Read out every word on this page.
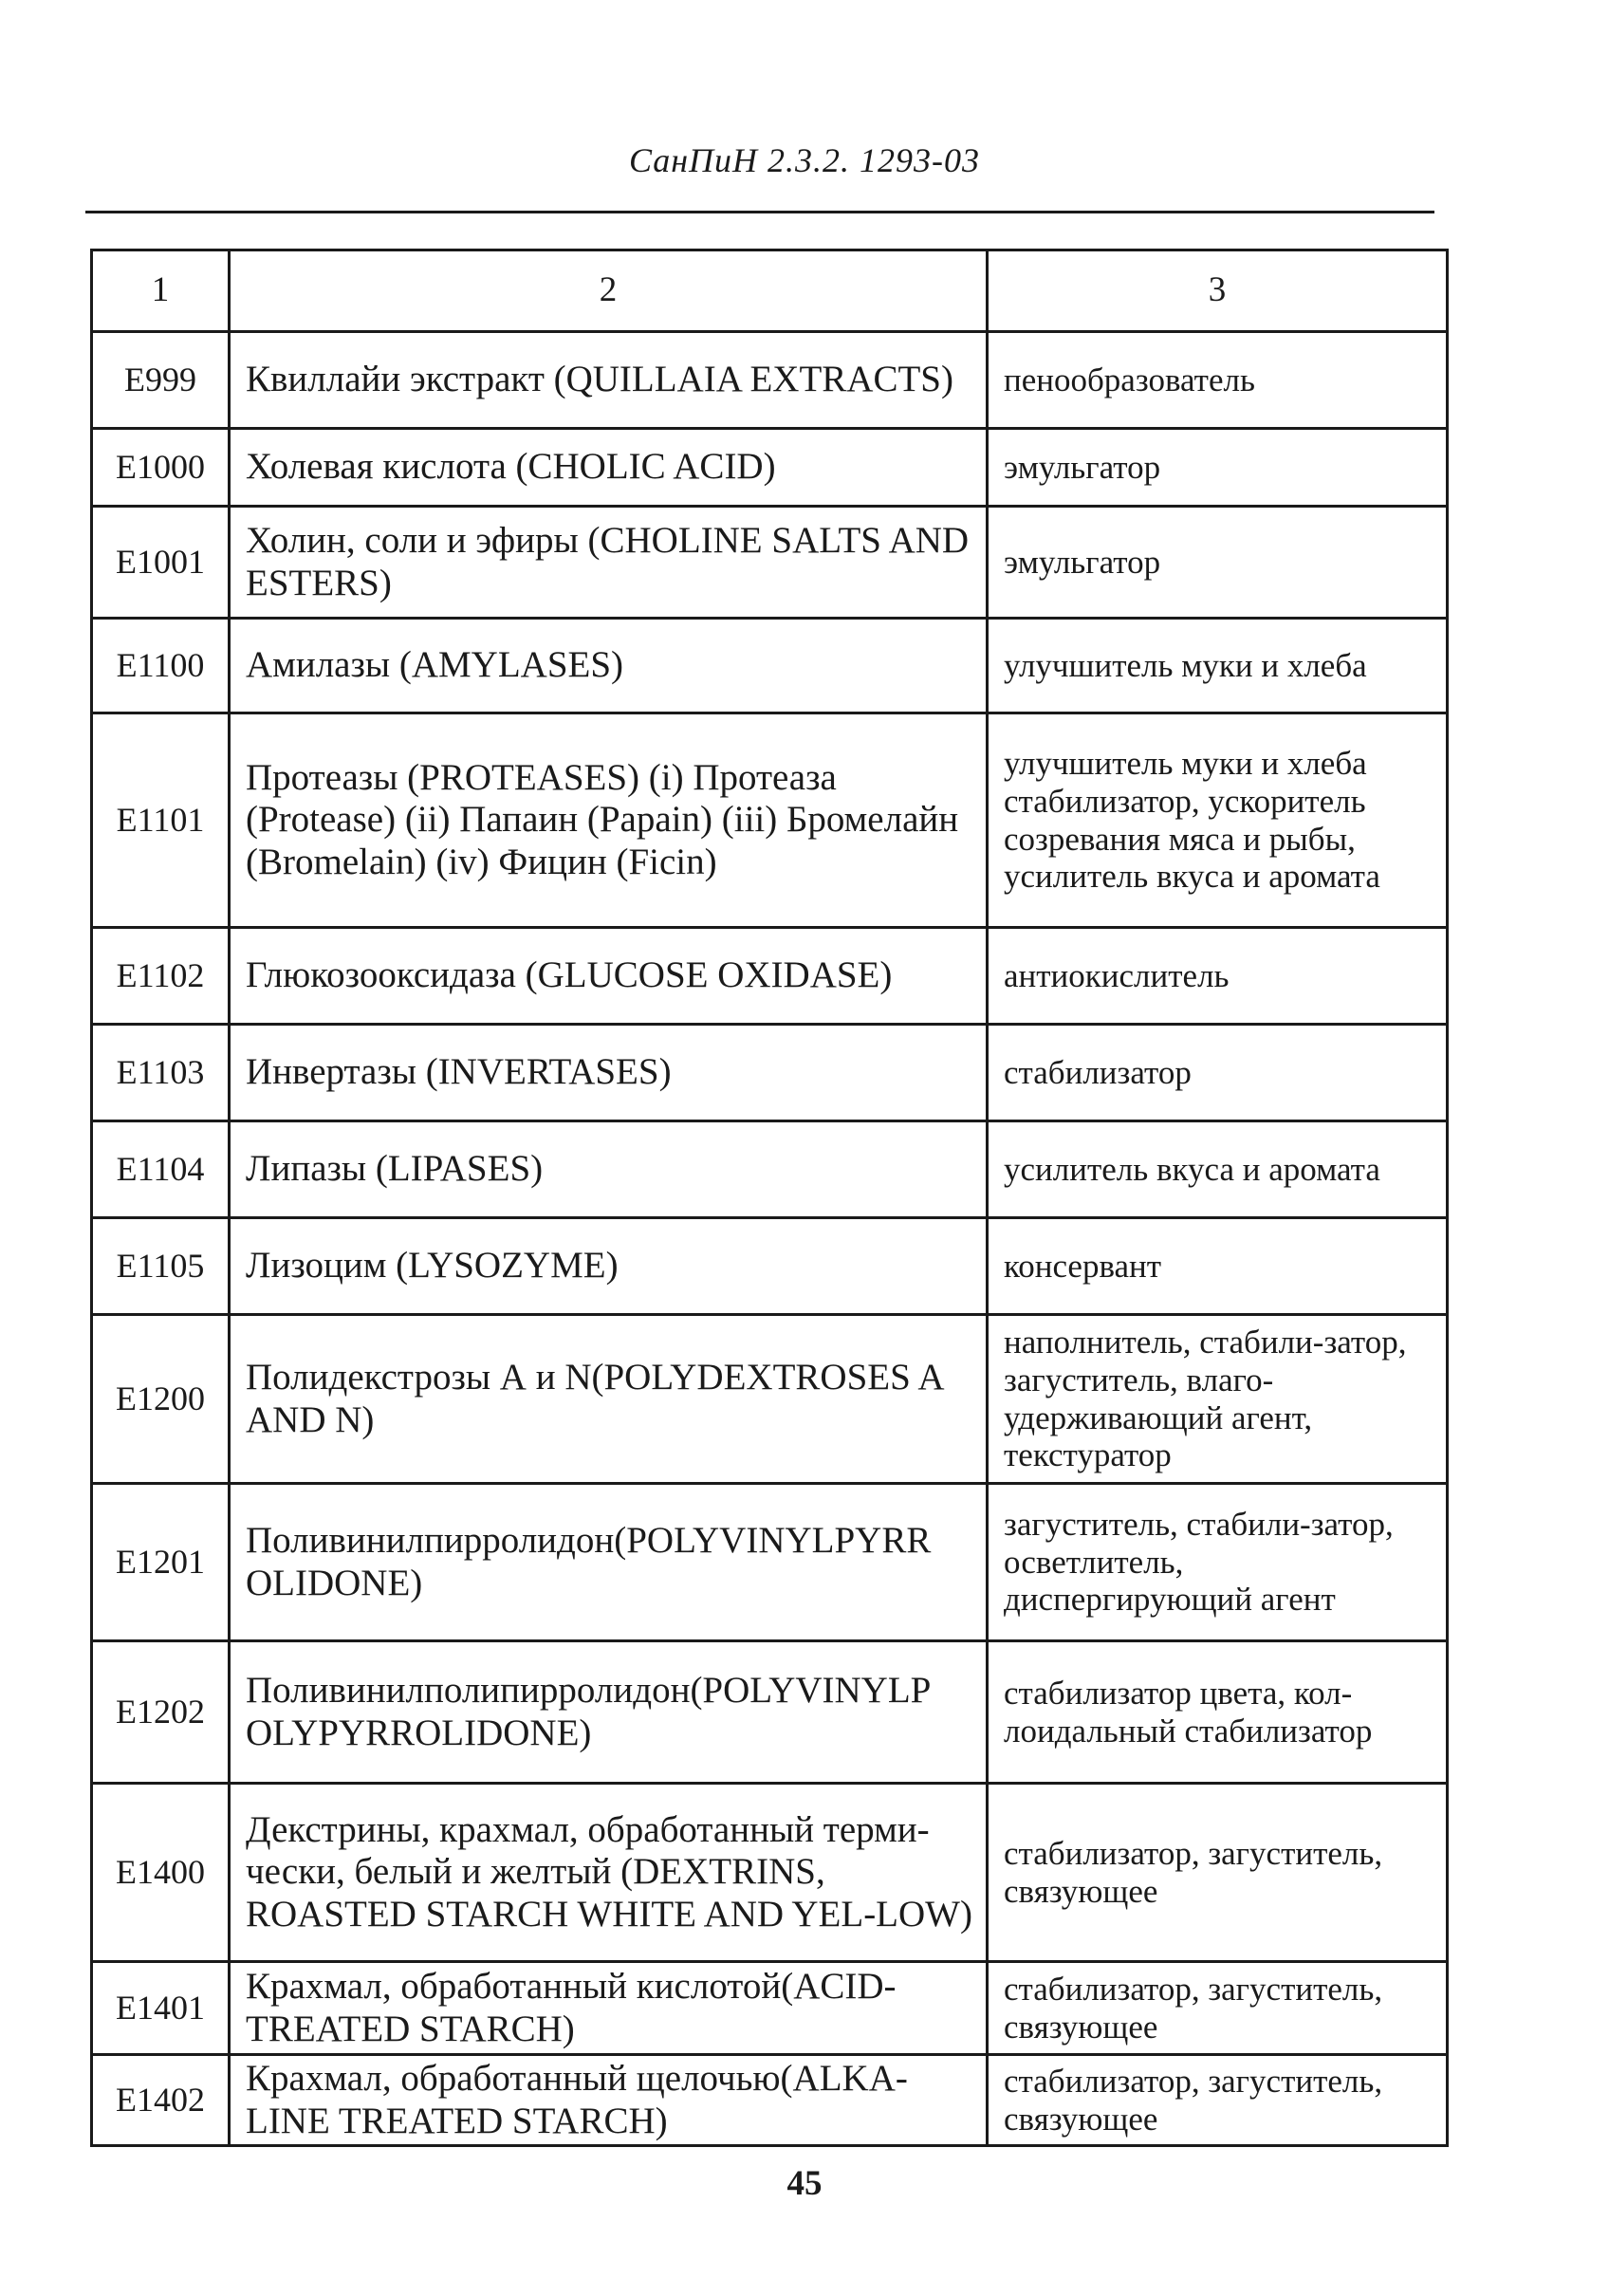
СанПиН 2.3.2. 1293-03
1	2	3
E999	Квиллайи экстракт (QUILLAIA EXTRACTS)	пенообразователь
E1000	Холевая кислота (CHOLIC ACID)	эмульгатор
E1001	Холин, соли и эфиры (CHOLINE SALTS AND ESTERS)	эмульгатор
E1100	Амилазы (AMYLASES)	улучшитель муки и хлеба
E1101	Протеазы (PROTEASES) (i) Протеаза (Protease) (ii) Папаин (Papain) (iii) Бромелайн (Bromelain) (iv) Фицин (Ficin)	улучшитель муки и хлеба стабилизатор, ускоритель созревания мяса и рыбы, усилитель вкуса и аромата
E1102	Глюкозооксидаза (GLUCOSE OXIDASE)	антиокислитель
E1103	Инвертазы (INVERTASES)	стабилизатор
E1104	Липазы (LIPASES)	усилитель вкуса и аромата
E1105	Лизоцим (LYSOZYME)	консервант
E1200	Полидекстрозы А и N(POLYDEXTROSES A AND N)	наполнитель, стабили-затор, загуститель, влаго-удерживающий агент, текстуратор
E1201	Поливинилпирролидон(POLYVINYLPYRR OLIDONE)	загуститель, стабили-затор, осветлитель, диспергирующий агент
E1202	Поливинилполипирролидон(POLYVINYLP OLYPYRROLIDONE)	стабилизатор цвета, кол-лоидальный стабилизатор
E1400	Декстрины, крахмал, обработанный терми-чески, белый и желтый (DEXTRINS, ROASTED STARCH WHITE AND YEL-LOW)	стабилизатор, загуститель, связующее
E1401	Крахмал, обработанный кислотой(ACID-TREATED STARCH)	стабилизатор, загуститель, связующее
E1402	Крахмал, обработанный щелочью(ALKA-LINE TREATED STARCH)	стабилизатор, загуститель, связующее
45
